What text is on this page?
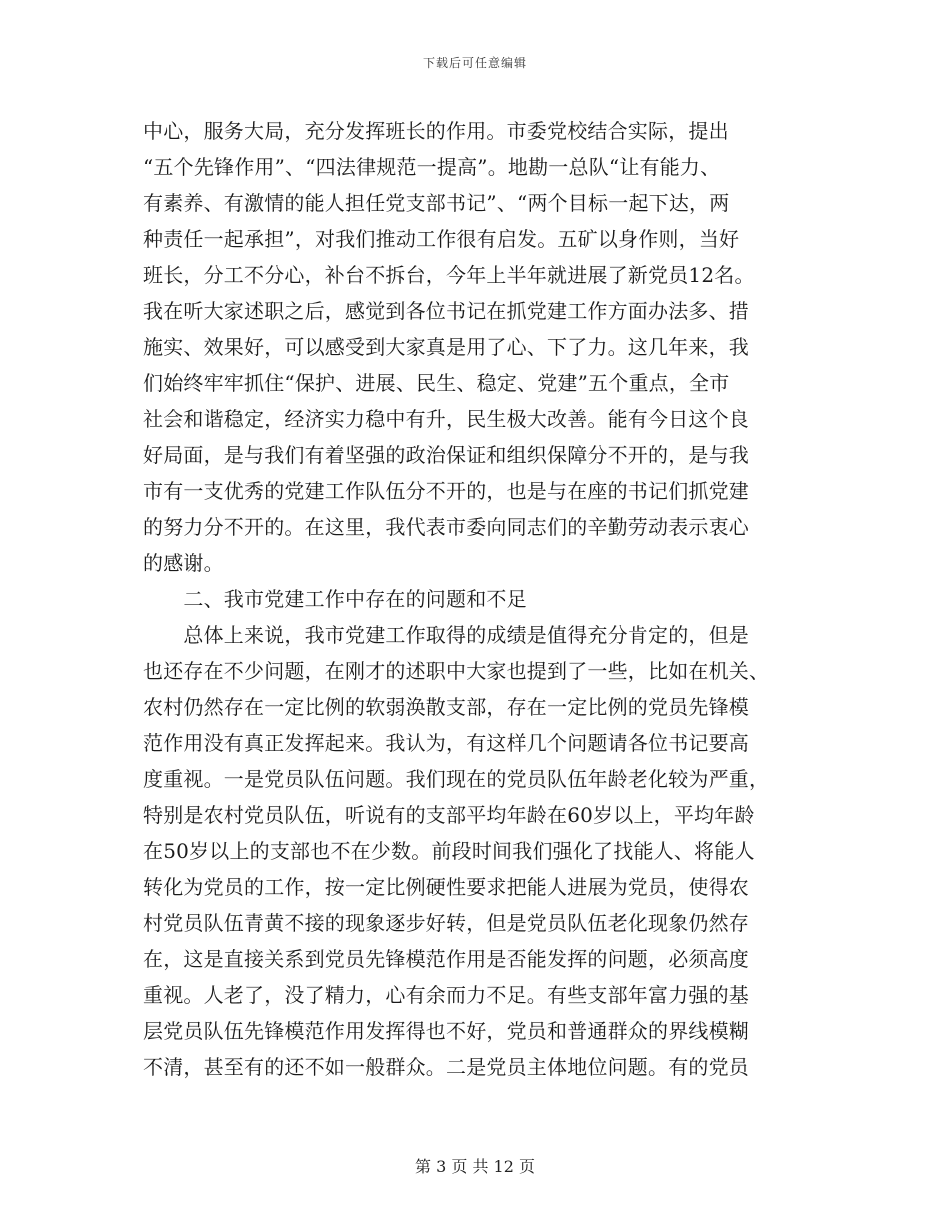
下载后可任意编辑
中心，服务大局，充分发挥班长的作用。市委党校结合实际，提出
“五个先锋作用”、“四法律规范一提高”。地勘一总队“让有能力、
有素养、有激情的能人担任党支部书记”、“两个目标一起下达，两
种责任一起承担”，对我们推动工作很有启发。五矿以身作则，当好
班长，分工不分心，补台不拆台，今年上半年就进展了新党员12名。
我在听大家述职之后，感觉到各位书记在抓党建工作方面办法多、措
施实、效果好，可以感受到大家真是用了心、下了力。这几年来，我
们始终牢牢抓住“保护、进展、民生、稳定、党建”五个重点，全市
社会和谐稳定，经济实力稳中有升，民生极大改善。能有今日这个良
好局面，是与我们有着坚强的政治保证和组织保障分不开的，是与我
市有一支优秀的党建工作队伍分不开的，也是与在座的书记们抓党建
的努力分不开的。在这里，我代表市委向同志们的辛勤劳动表示衷心
的感谢。
　　二、我市党建工作中存在的问题和不足
　　总体上来说，我市党建工作取得的成绩是值得充分肯定的，但是
也还存在不少问题，在刚才的述职中大家也提到了一些，比如在机关、
农村仍然存在一定比例的软弱涣散支部，存在一定比例的党员先锋模
范作用没有真正发挥起来。我认为，有这样几个问题请各位书记要高
度重视。一是党员队伍问题。我们现在的党员队伍年龄老化较为严重，
特别是农村党员队伍，听说有的支部平均年龄在60岁以上，平均年龄
在50岁以上的支部也不在少数。前段时间我们强化了找能人、将能人
转化为党员的工作，按一定比例硬性要求把能人进展为党员，使得农
村党员队伍青黄不接的现象逐步好转，但是党员队伍老化现象仍然存
在，这是直接关系到党员先锋模范作用是否能发挥的问题，必须高度
重视。人老了，没了精力，心有余而力不足。有些支部年富力强的基
层党员队伍先锋模范作用发挥得也不好，党员和普通群众的界线模糊
不清，甚至有的还不如一般群众。二是党员主体地位问题。有的党员
第 3 页 共 12 页
